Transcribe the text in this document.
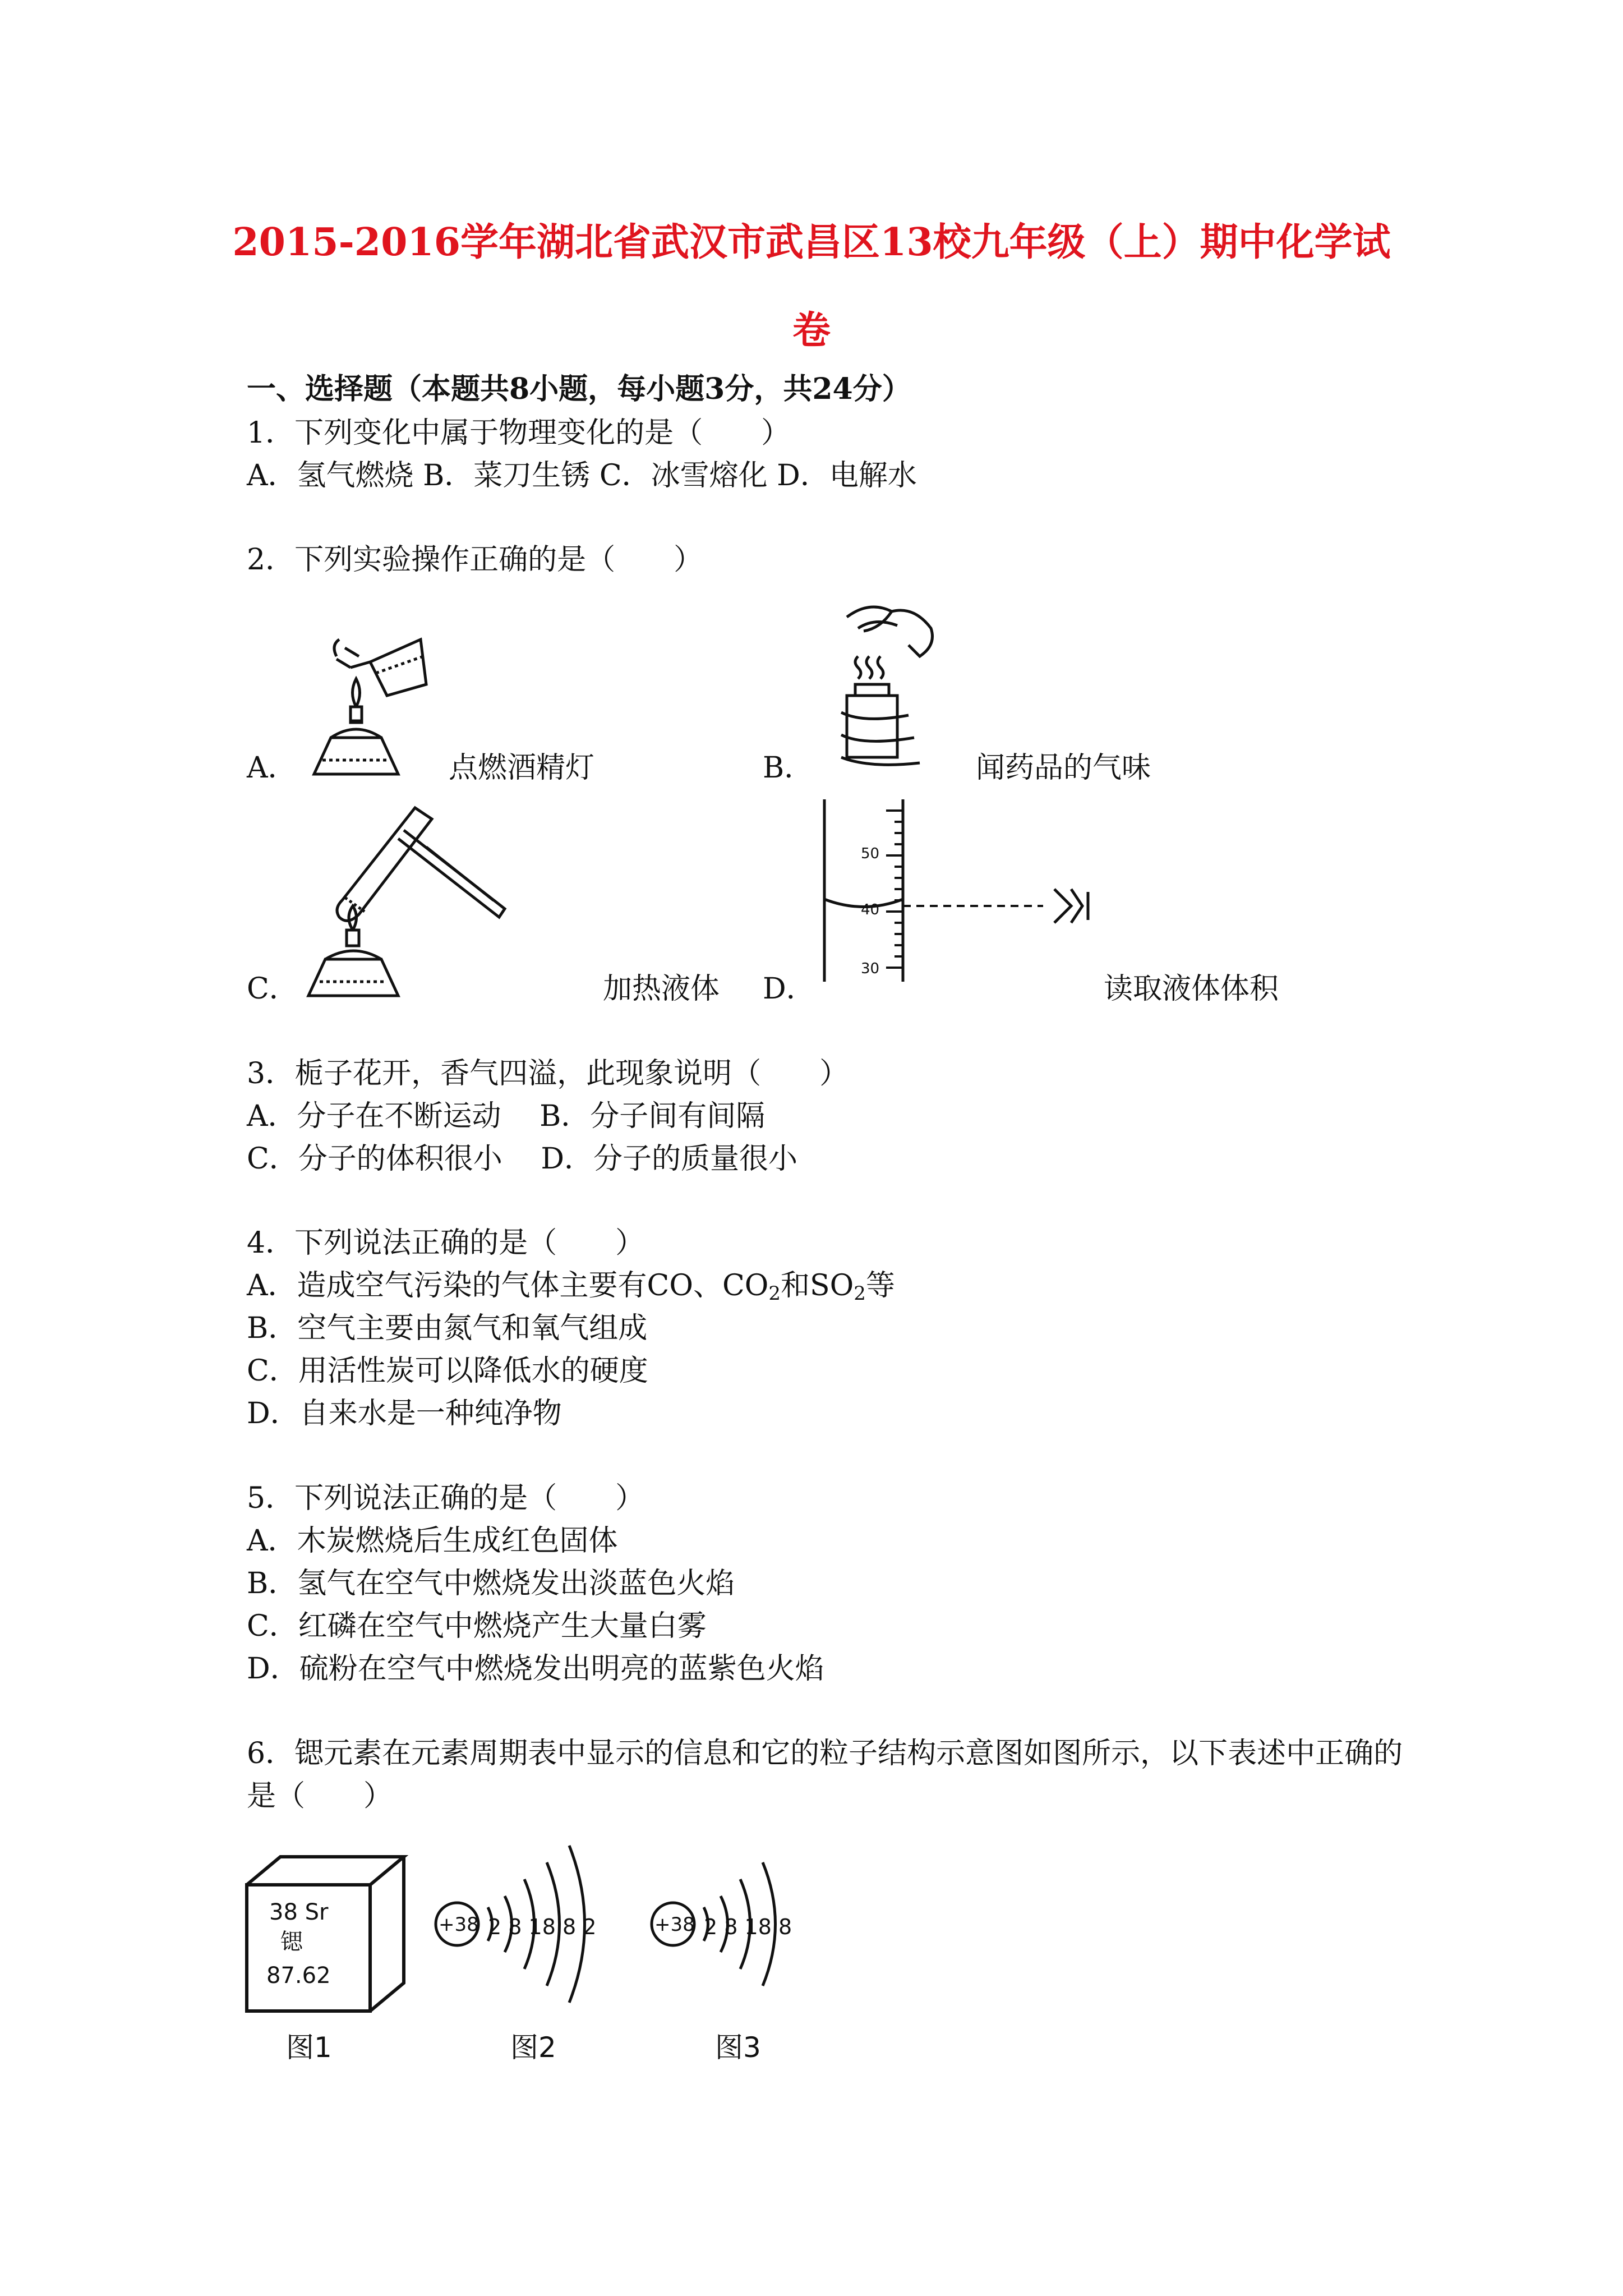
2015-2016学年湖北省武汉市武昌区13校九年级（上）期中化学试
卷
一、选择题（本题共8小题，每小题3分，共24分）
1．下列变化中属于物理变化的是（　　）
A．氢气燃烧 B．菜刀生锈 C．冰雪熔化 D．电解水
2．下列实验操作正确的是（　　）
A．	点燃酒精灯	B．	闻药品的气味
C．	加热液体
50
40
30
D．	读取液体体积
3．栀子花开，香气四溢，此现象说明（　　）
A．分子在不断运动　 B．分子间有间隔
C．分子的体积很小　 D．分子的质量很小
4．下列说法正确的是（　　）
A．造成空气污染的气体主要有CO、$CO_2$和$SO_2$等
B．空气主要由氮气和氧气组成
C．用活性炭可以降低水的硬度
D．自来水是一种纯净物
5．下列说法正确的是（　　）
A．木炭燃烧后生成红色固体
B．氢气在空气中燃烧发出淡蓝色火焰
C．红磷在空气中燃烧产生大量白雾
D．硫粉在空气中燃烧发出明亮的蓝紫色火焰
6．锶元素在元素周期表中显示的信息和它的粒子结构示意图如图所示，以下表述中正确的
是（　　）
38 Sr
锶
87.62
图1
+38 2 8 18 8 2
图2
+38 2 8 18 8
图3
